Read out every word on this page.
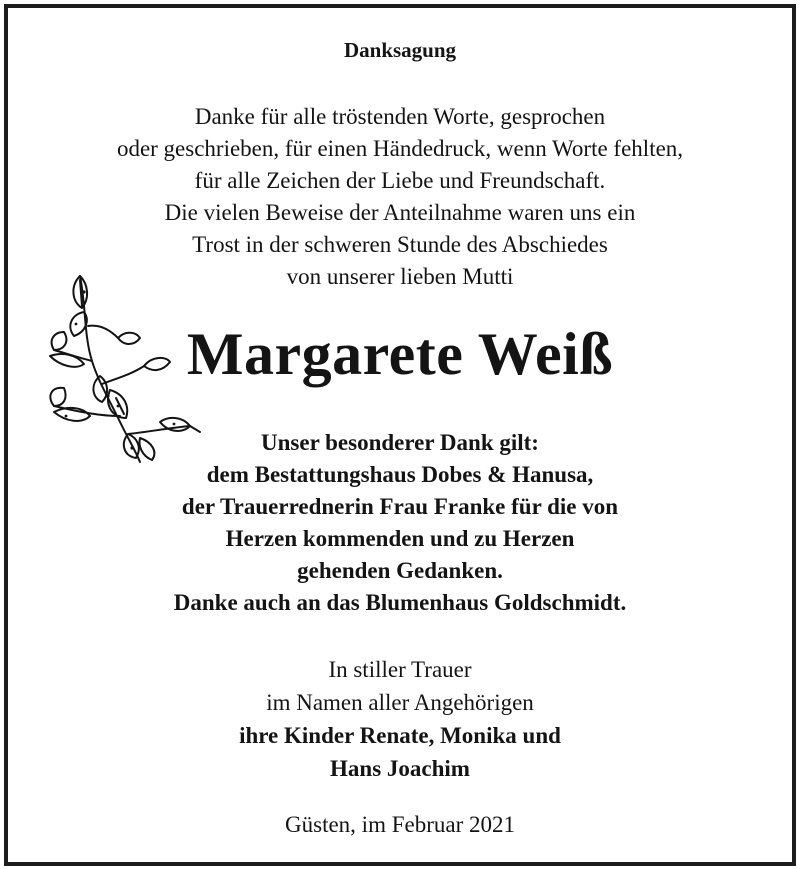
Danksagung
Danke für alle tröstenden Worte, gesprochen
oder geschrieben, für einen Händedruck, wenn Worte fehlten,
für alle Zeichen der Liebe und Freundschaft.
Die vielen Beweise der Anteilnahme waren uns ein
Trost in der schweren Stunde des Abschiedes
von unserer lieben Mutti
Margarete Weiß
Unser besonderer Dank gilt:
dem Bestattungshaus Dobes & Hanusa,
der Trauerrednerin Frau Franke für die von
Herzen kommenden und zu Herzen
gehenden Gedanken.
Danke auch an das Blumenhaus Goldschmidt.
In stiller Trauer
im Namen aller Angehörigen
ihre Kinder Renate, Monika und
Hans Joachim
Güsten, im Februar 2021
